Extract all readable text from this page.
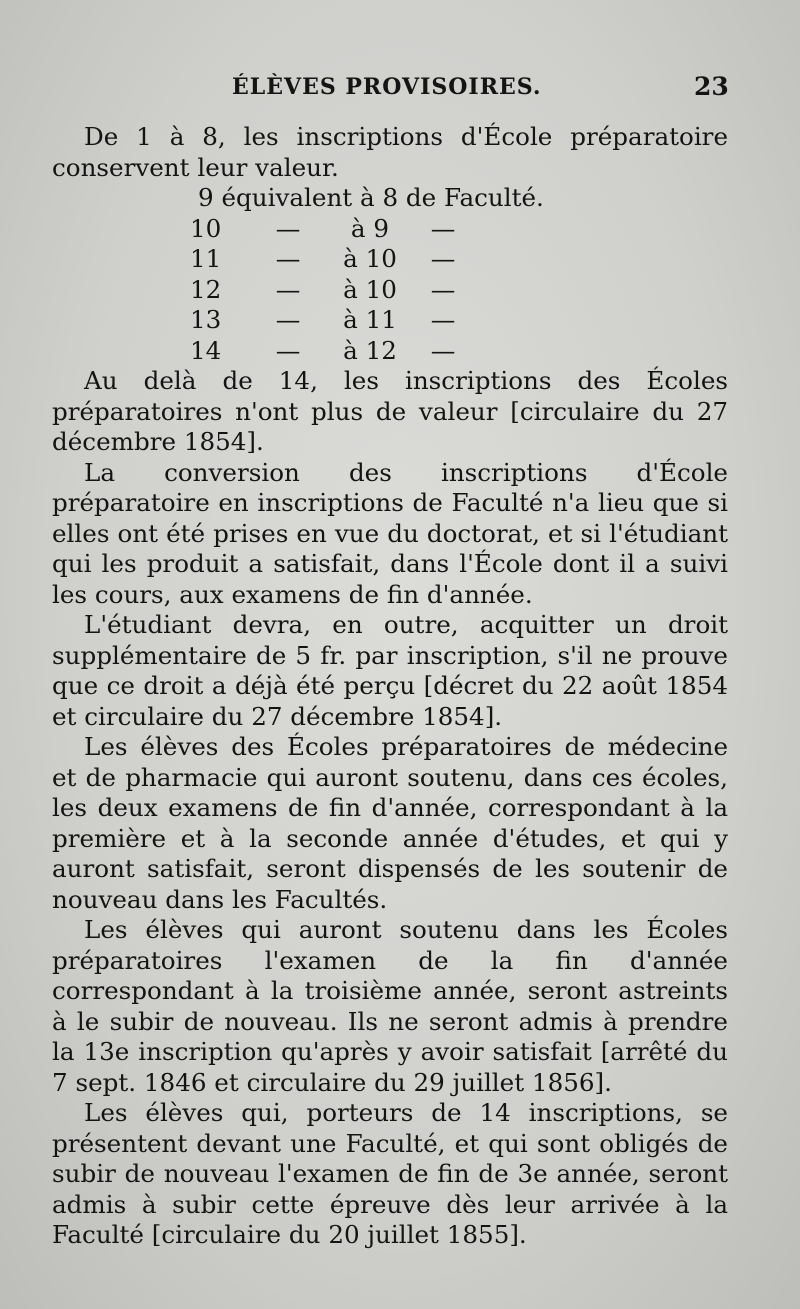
ÉLÈVES PROVISOIRES.	23

De 1 à 8, les inscriptions d'École préparatoire conservent leur valeur.

9 équivalent à 8 de Faculté.
10	—	à 9	—
11	—	à 10	—
12	—	à 10	—
13	—	à 11	—
14	—	à 12	—

Au delà de 14, les inscriptions des Écoles préparatoires n'ont plus de valeur [circulaire du 27 décembre 1854].

La conversion des inscriptions d'École préparatoire en inscriptions de Faculté n'a lieu que si elles ont été prises en vue du doctorat, et si l'étudiant qui les produit a satisfait, dans l'École dont il a suivi les cours, aux examens de fin d'année.

L'étudiant devra, en outre, acquitter un droit supplémentaire de 5 fr. par inscription, s'il ne prouve que ce droit a déjà été perçu [décret du 22 août 1854 et circulaire du 27 décembre 1854].

Les élèves des Écoles préparatoires de médecine et de pharmacie qui auront soutenu, dans ces écoles, les deux examens de fin d'année, correspondant à la première et à la seconde année d'études, et qui y auront satisfait, seront dispensés de les soutenir de nouveau dans les Facultés.

Les élèves qui auront soutenu dans les Écoles préparatoires l'examen de la fin d'année correspondant à la troisième année, seront astreints à le subir de nouveau. Ils ne seront admis à prendre la 13e inscription qu'après y avoir satisfait [arrêté du 7 sept. 1846 et circulaire du 29 juillet 1856].

Les élèves qui, porteurs de 14 inscriptions, se présentent devant une Faculté, et qui sont obligés de subir de nouveau l'examen de fin de 3e année, seront admis à subir cette épreuve dès leur arrivée à la Faculté [circulaire du 20 juillet 1855].
